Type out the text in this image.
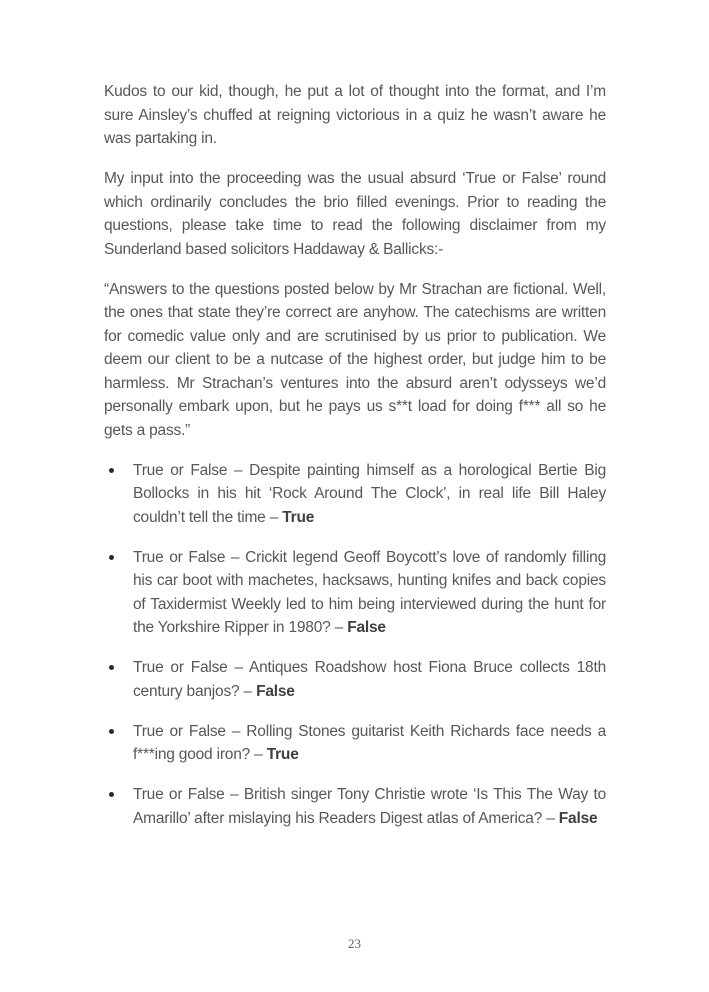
Kudos to our kid, though, he put a lot of thought into the format, and I’m sure Ainsley’s chuffed at reigning victorious in a quiz he wasn’t aware he was partaking in.

My input into the proceeding was the usual absurd ‘True or False’ round which ordinarily concludes the brio filled evenings. Prior to reading the questions, please take time to read the following disclaimer from my Sunderland based solicitors Haddaway & Ballicks:-

“Answers to the questions posted below by Mr Strachan are fictional. Well, the ones that state they’re correct are anyhow. The catechisms are written for comedic value only and are scrutinised by us prior to publication. We deem our client to be a nutcase of the highest order, but judge him to be harmless. Mr Strachan’s ventures into the absurd aren’t odysseys we’d personally embark upon, but he pays us s**t load for doing f*** all so he gets a pass.”

True or False – Despite painting himself as a horological Bertie Big Bollocks in his hit ‘Rock Around The Clock’, in real life Bill Haley couldn’t tell the time – True
True or False – Crickit legend Geoff Boycott’s love of randomly filling his car boot with machetes, hacksaws, hunting knifes and back copies of Taxidermist Weekly led to him being interviewed during the hunt for the Yorkshire Ripper in 1980? – False
True or False – Antiques Roadshow host Fiona Bruce collects 18th century banjos? – False
True or False – Rolling Stones guitarist Keith Richards face needs a f***ing good iron? – True
True or False – British singer Tony Christie wrote ‘Is This The Way to Amarillo’ after mislaying his Readers Digest atlas of America? – False
23
